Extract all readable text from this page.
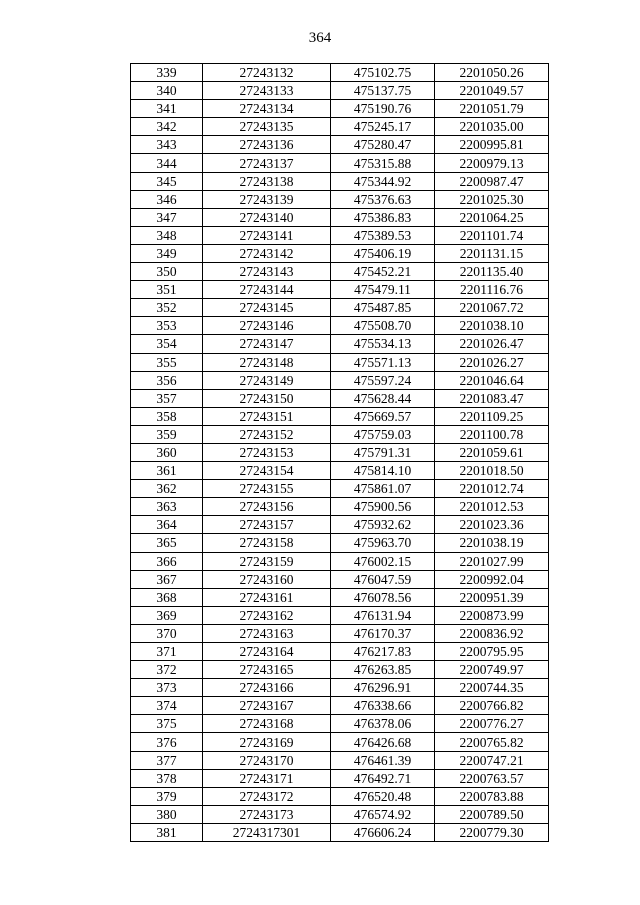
364
339	27243132	475102.75	2201050.26
340	27243133	475137.75	2201049.57
341	27243134	475190.76	2201051.79
342	27243135	475245.17	2201035.00
343	27243136	475280.47	2200995.81
344	27243137	475315.88	2200979.13
345	27243138	475344.92	2200987.47
346	27243139	475376.63	2201025.30
347	27243140	475386.83	2201064.25
348	27243141	475389.53	2201101.74
349	27243142	475406.19	2201131.15
350	27243143	475452.21	2201135.40
351	27243144	475479.11	2201116.76
352	27243145	475487.85	2201067.72
353	27243146	475508.70	2201038.10
354	27243147	475534.13	2201026.47
355	27243148	475571.13	2201026.27
356	27243149	475597.24	2201046.64
357	27243150	475628.44	2201083.47
358	27243151	475669.57	2201109.25
359	27243152	475759.03	2201100.78
360	27243153	475791.31	2201059.61
361	27243154	475814.10	2201018.50
362	27243155	475861.07	2201012.74
363	27243156	475900.56	2201012.53
364	27243157	475932.62	2201023.36
365	27243158	475963.70	2201038.19
366	27243159	476002.15	2201027.99
367	27243160	476047.59	2200992.04
368	27243161	476078.56	2200951.39
369	27243162	476131.94	2200873.99
370	27243163	476170.37	2200836.92
371	27243164	476217.83	2200795.95
372	27243165	476263.85	2200749.97
373	27243166	476296.91	2200744.35
374	27243167	476338.66	2200766.82
375	27243168	476378.06	2200776.27
376	27243169	476426.68	2200765.82
377	27243170	476461.39	2200747.21
378	27243171	476492.71	2200763.57
379	27243172	476520.48	2200783.88
380	27243173	476574.92	2200789.50
381	2724317301	476606.24	2200779.30
